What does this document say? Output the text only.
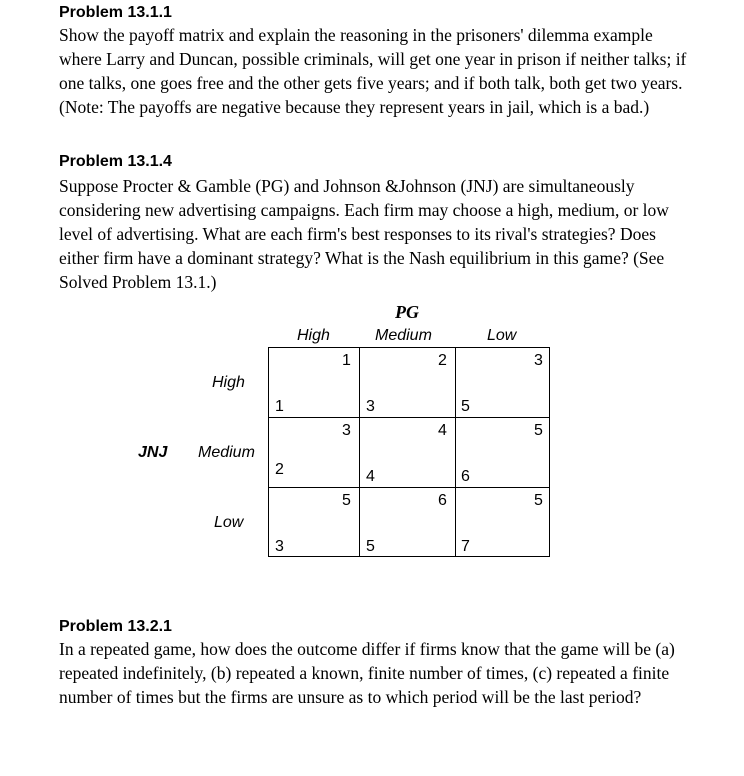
Problem 13.1.1

Show the payoff matrix and explain the reasoning in the prisoners' dilemma example where Larry and Duncan, possible criminals, will get one year in prison if neither talks; if one talks, one goes free and the other gets five years; and if both talk, both get two years. (Note: The payoffs are negative because they represent years in jail, which is a bad.)

Problem 13.1.4

Suppose Procter & Gamble (PG) and Johnson &Johnson (JNJ) are simultaneously considering new advertising campaigns. Each firm may choose a high, medium, or low level of advertising. What are each firm's best responses to its rival's strategies? Does either firm have a dominant strategy? What is the Nash equilibrium in this game? (See Solved Problem 13.1.)

PG
High	Medium	Low
JNJ
High
Medium
Low
1
1
2
3
3
5
3
2
4
4
5
6
5
3
6
5
5
7
Problem 13.2.1

In a repeated game, how does the outcome differ if firms know that the game will be (a) repeated indefinitely, (b) repeated a known, finite number of times, (c) repeated a finite number of times but the firms are unsure as to which period will be the last period?
